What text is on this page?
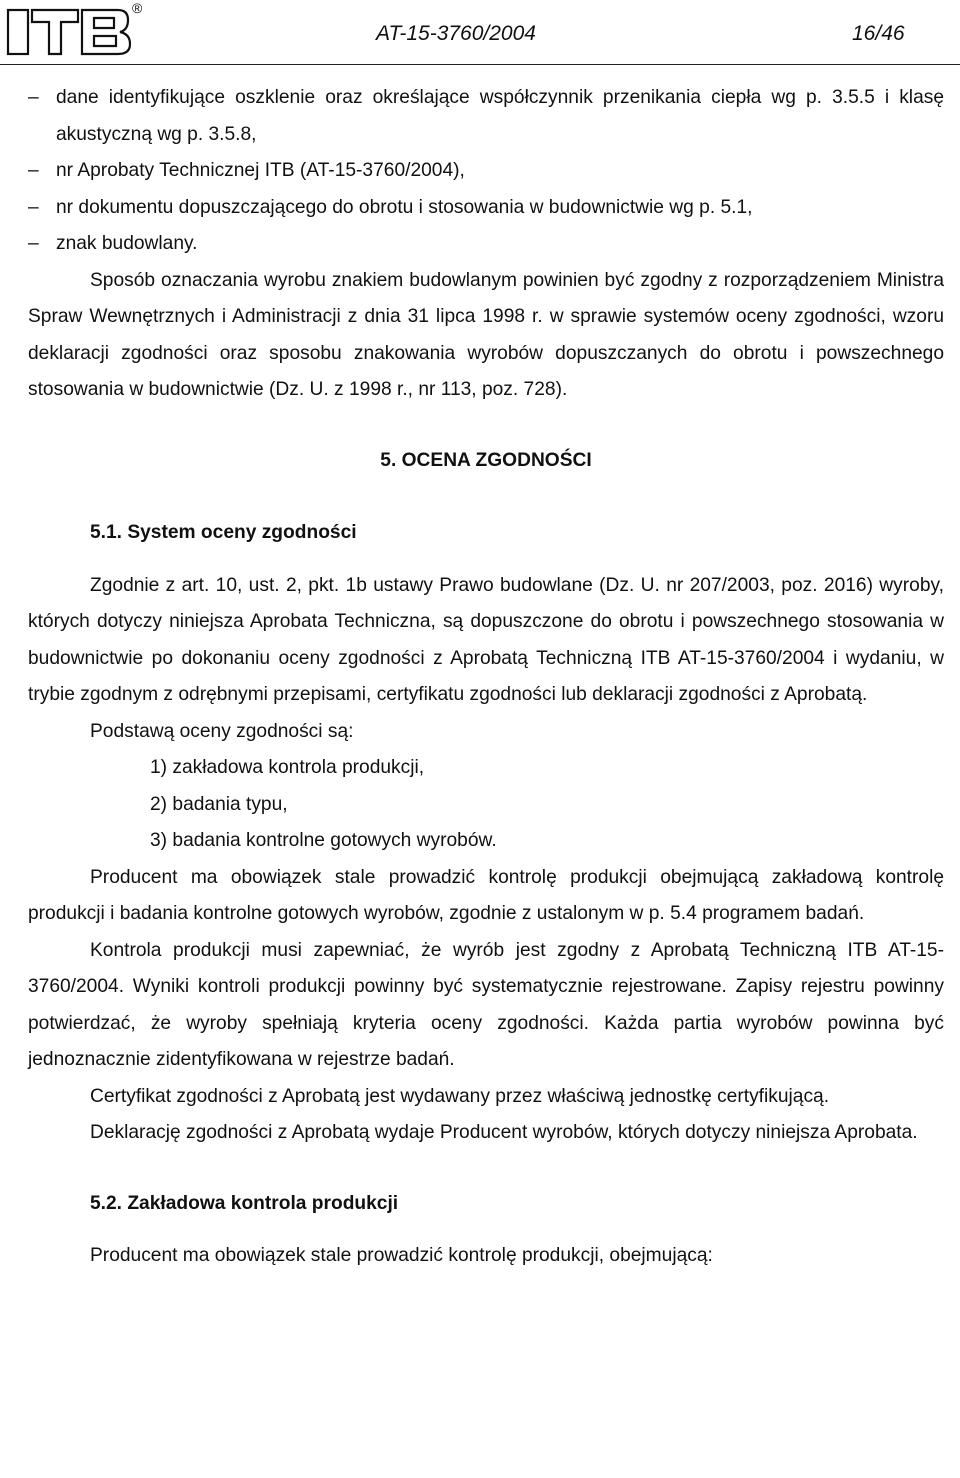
®
AT-15-3760/2004	16/46
– dane identyfikujące oszklenie oraz określające współczynnik przenikania ciepła wg p. 3.5.5 i klasę akustyczną wg p. 3.5.8,

– nr Aprobaty Technicznej ITB (AT-15-3760/2004),

– nr dokumentu dopuszczającego do obrotu i stosowania w budownictwie wg p. 5.1,

– znak budowlany.

Sposób oznaczania wyrobu znakiem budowlanym powinien być zgodny z rozporządzeniem Ministra Spraw Wewnętrznych i Administracji z dnia 31 lipca 1998 r. w sprawie systemów oceny zgodności, wzoru deklaracji zgodności oraz sposobu znakowania wyrobów dopuszczanych do obrotu i powszechnego stosowania w budownictwie (Dz. U. z 1998 r., nr 113, poz. 728).

5. OCENA ZGODNOŚCI

5.1. System oceny zgodności

Zgodnie z art. 10, ust. 2, pkt. 1b ustawy Prawo budowlane (Dz. U. nr 207/2003, poz. 2016) wyroby, których dotyczy niniejsza Aprobata Techniczna, są dopuszczone do obrotu i powszechnego stosowania w budownictwie po dokonaniu oceny zgodności z Aprobatą Techniczną ITB AT-15-3760/2004 i wydaniu, w trybie zgodnym z odrębnymi przepisami, certyfikatu zgodności lub deklaracji zgodności z Aprobatą.

Podstawą oceny zgodności są:

1) zakładowa kontrola produkcji,

2) badania typu,

3) badania kontrolne gotowych wyrobów.

Producent ma obowiązek stale prowadzić kontrolę produkcji obejmującą zakładową kontrolę produkcji i badania kontrolne gotowych wyrobów, zgodnie z ustalonym w p. 5.4 programem badań.

Kontrola produkcji musi zapewniać, że wyrób jest zgodny z Aprobatą Techniczną ITB AT-15-3760/2004. Wyniki kontroli produkcji powinny być systematycznie rejestrowane. Zapisy rejestru powinny potwierdzać, że wyroby spełniają kryteria oceny zgodności. Każda partia wyrobów powinna być jednoznacznie zidentyfikowana w rejestrze badań.

Certyfikat zgodności z Aprobatą jest wydawany przez właściwą jednostkę certyfikującą.

Deklarację zgodności z Aprobatą wydaje Producent wyrobów, których dotyczy niniejsza Aprobata.

5.2. Zakładowa kontrola produkcji

Producent ma obowiązek stale prowadzić kontrolę produkcji, obejmującą:
